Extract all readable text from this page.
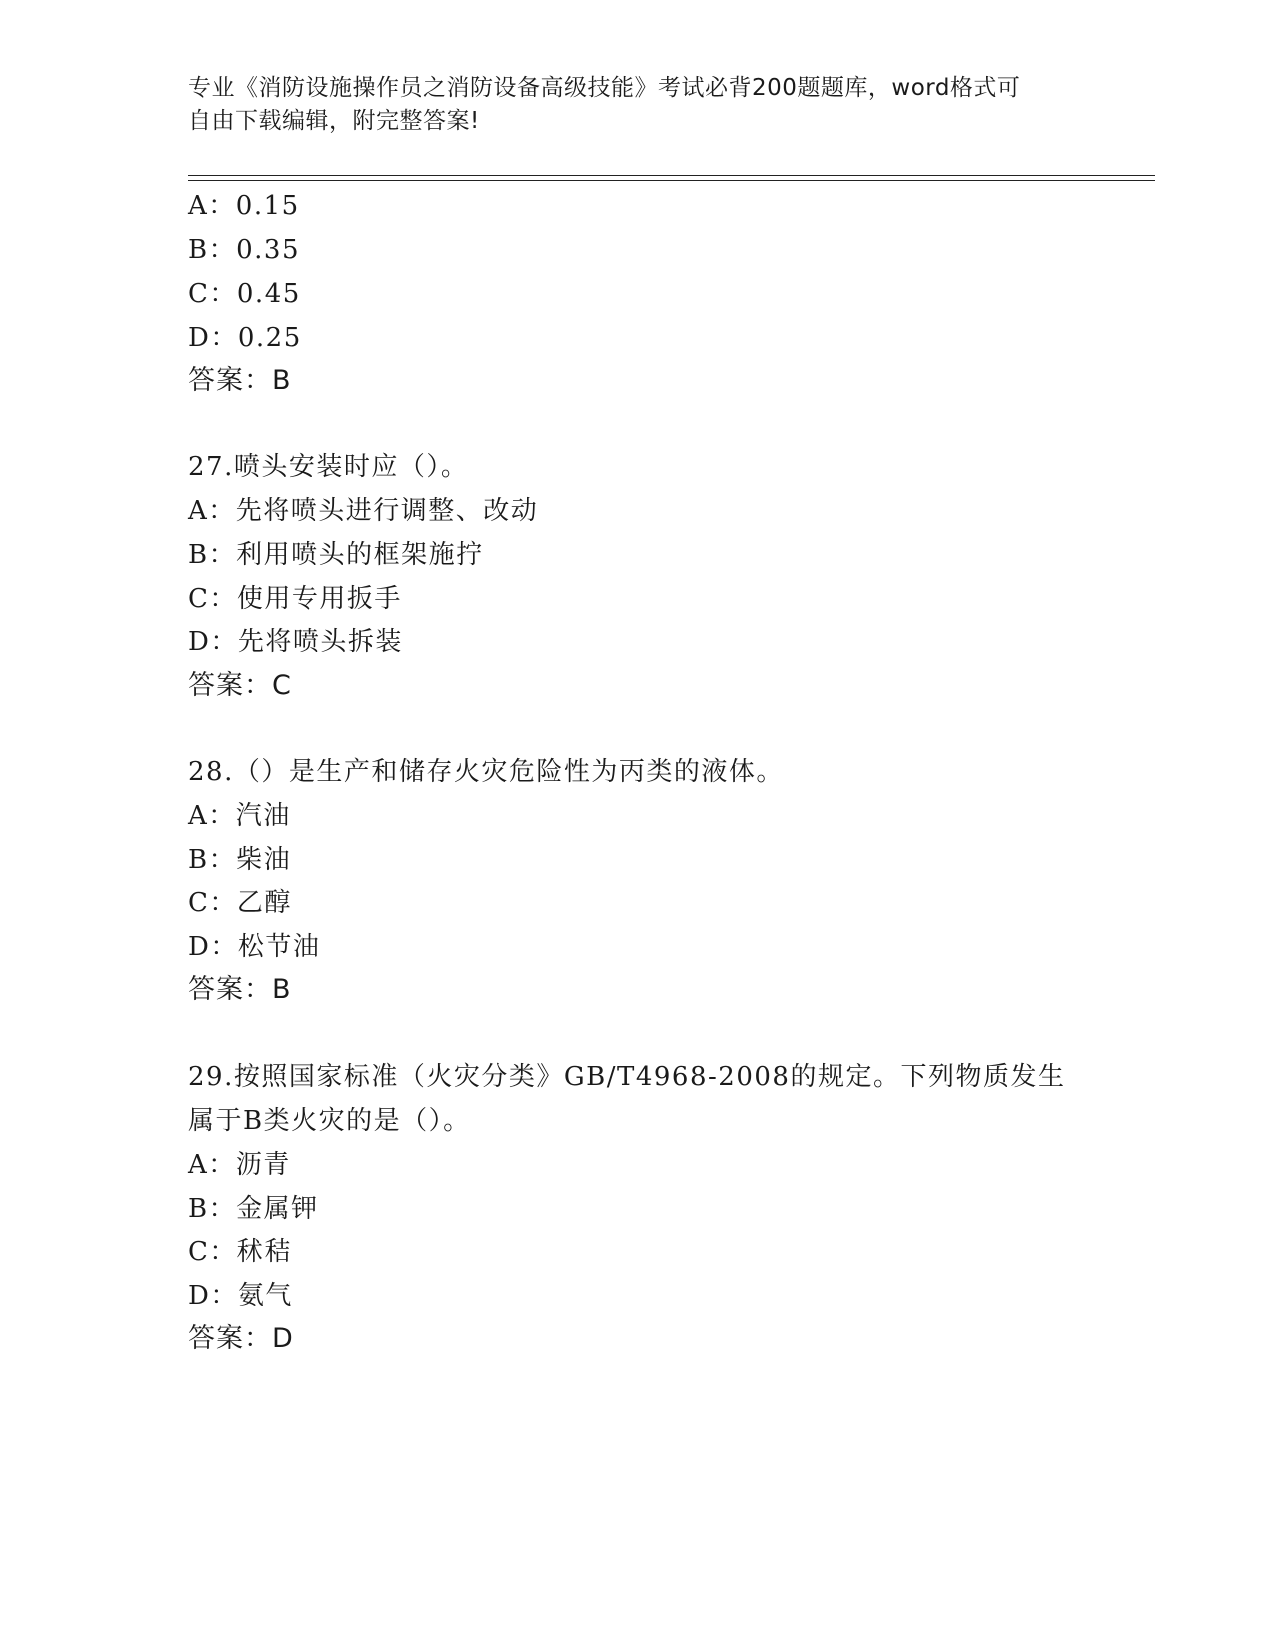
专业《消防设施操作员之消防设备高级技能》考试必背200题题库，word格式可
自由下载编辑，附完整答案!
A：0.15
B：0.35
C：0.45
D：0.25
答案：B
27.喷头安装时应（）。
A：先将喷头进行调整、改动
B：利用喷头的框架施拧
C：使用专用扳手
D：先将喷头拆装
答案：C
28.（）是生产和储存火灾危险性为丙类的液体。
A：汽油
B：柴油
C：乙醇
D：松节油
答案：B
29.按照国家标准（火灾分类》GB/T4968-2008的规定。下列物质发生
属于B类火灾的是（）。
A：沥青
B：金属钾
C：秫秸
D：氨气
答案：D
